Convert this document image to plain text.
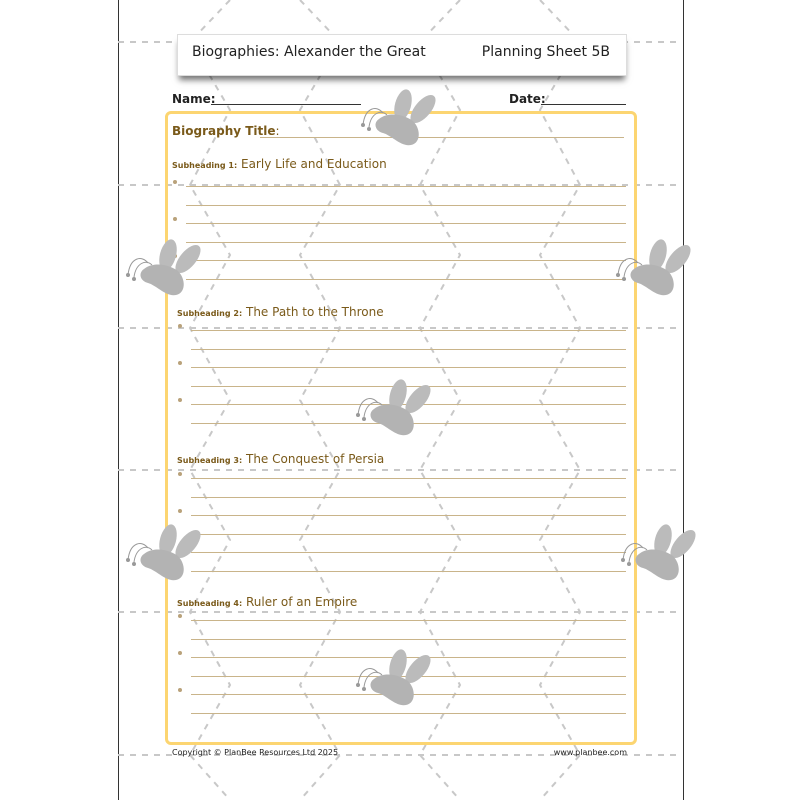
Biographies: Alexander the Great	Planning Sheet 5B
Name:	Date:
Biography Title:
Subheading 1: Early Life and Education
Subheading 2: The Path to the Throne
Subheading 3: The Conquest of Persia
Subheading 4: Ruler of an Empire
Copyright © PlanBee Resources Ltd 2025	www.planbee.com
